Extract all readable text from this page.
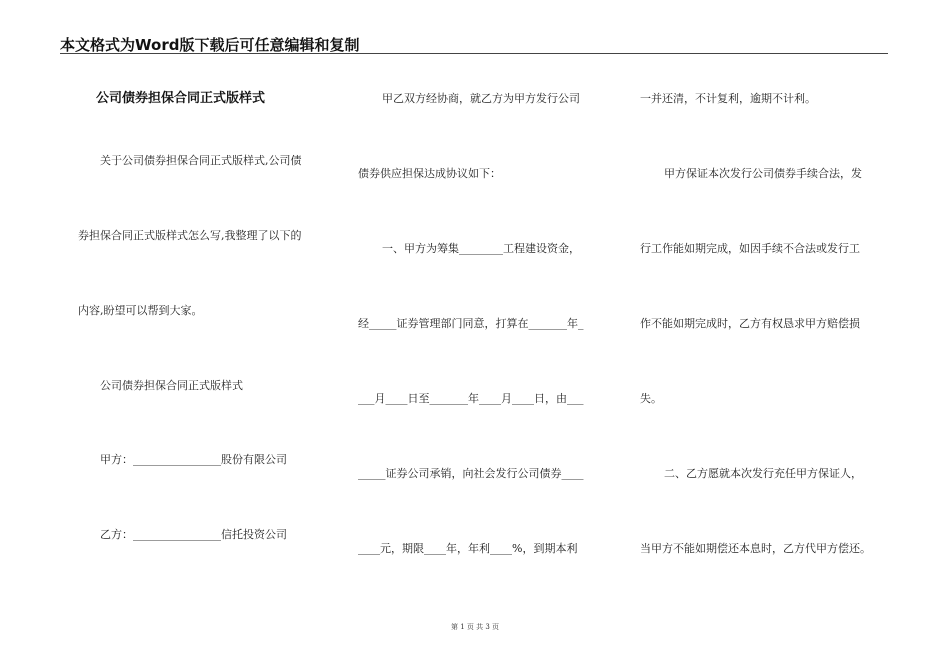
本文格式为Word版下载后可任意编辑和复制
公司债券担保合同正式版样式
关于公司债券担保合同正式版样式,公司债
券担保合同正式版样式怎么写,我整理了以下的
内容,盼望可以帮到大家。
公司债券担保合同正式版样式
甲方：________________股份有限公司
乙方：________________信托投资公司
甲乙双方经协商，就乙方为甲方发行公司
债券供应担保达成协议如下：
一、甲方为筹集________工程建设资金，
经_____证券管理部门同意，打算在_______年_
___月____日至_______年____月____日，由___
_____证券公司承销，向社会发行公司债券____
____元，期限____年，年利____%，到期本利
一并还清，不计复利，逾期不计利。
甲方保证本次发行公司债券手续合法，发
行工作能如期完成，如因手续不合法或发行工
作不能如期完成时，乙方有权恳求甲方赔偿损
失。
二、乙方愿就本次发行充任甲方保证人，
当甲方不能如期偿还本息时，乙方代甲方偿还。
第 1 页 共 3 页
